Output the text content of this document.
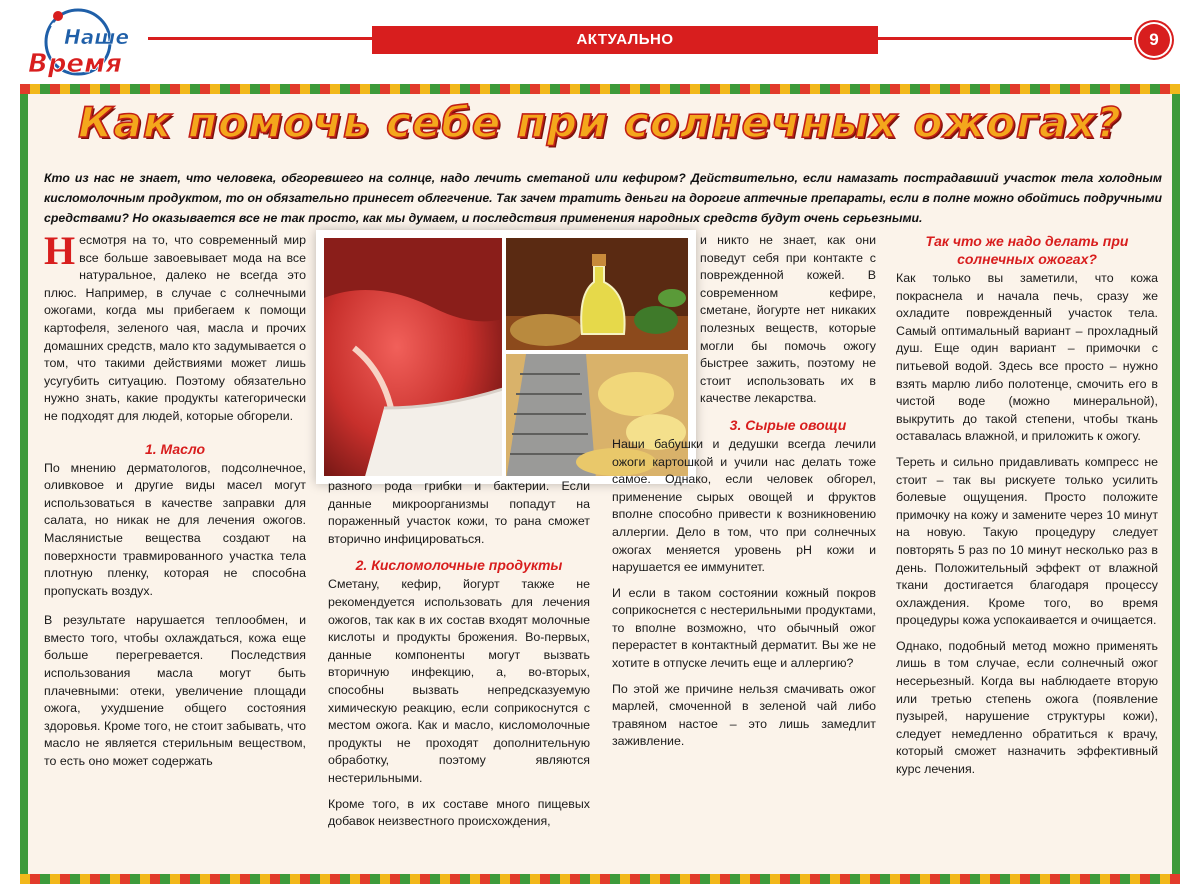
Наше
Время
АКТУАЛЬНО	9
Как помочь себе при солнечных ожогах?
Кто из нас не знает, что человека, обгоревшего на солнце, надо лечить сметаной или кефиром? Действительно, если намазать пострадавший участок тела холодным кисломолочным продуктом, то он обязательно принесет облегчение. Так зачем тратить деньги на дорогие аптечные препараты, если в полне можно обойтись подручными средствами? Но оказывается все не так просто, как мы думаем, и последствия применения народных средств будут очень серьезными.

Несмотря на то, что современный мир все больше завоевывает мода на все натуральное, далеко не всегда это плюс. Например, в случае с солнечными ожогами, когда мы прибегаем к помощи картофеля, зеленого чая, масла и прочих домашних средств, мало кто задумывается о том, что такими действиями может лишь усугубить ситуацию. Поэтому обязательно нужно знать, какие продукты категорически не подходят для людей, которые обгорели.

1. Масло

По мнению дерматологов, подсолнечное, оливковое и другие виды масел могут использоваться в качестве заправки для салата, но никак не для лечения ожогов. Маслянистые вещества создают на поверхности травмированного участка тела плотную пленку, которая не способна пропускать воздух.

В результате нарушается теплообмен, и вместо того, чтобы охлаждаться, кожа еще больше перегревается. Последствия использования масла могут быть плачевными: отеки, увеличение площади ожога, ухудшение общего состояния здоровья. Кроме того, не стоит забывать, что масло не является стерильным веществом, то есть оно может содержать

разного рода грибки и бактерии. Если данные микроорганизмы попадут на пораженный участок кожи, то рана сможет вторично инфицироваться.

2. Кисломолочные продукты

Сметану, кефир, йогурт также не рекомендуется использовать для лечения ожогов, так как в их состав входят молочные кислоты и продукты брожения. Во-первых, данные компоненты могут вызвать вторичную инфекцию, а, во-вторых, способны вызвать непредсказуемую химическую реакцию, если соприкоснутся с местом ожога. Как и масло, кисломолочные продукты не проходят дополнительную обработку, поэтому являются нестерильными.

Кроме того, в их составе много пищевых добавок неизвестного происхождения,

и никто не знает, как они поведут себя при контакте с поврежденной кожей. В современном кефире, сметане, йогурте нет никаких полезных веществ, которые могли бы помочь ожогу быстрее зажить, поэтому не стоит использовать их в качестве лекарства.

3. Сырые овощи

Наши бабушки и дедушки всегда лечили ожоги картошкой и учили нас делать тоже самое. Однако, если человек обгорел, применение сырых овощей и фруктов вполне способно привести к возникновению аллергии. Дело в том, что при солнечных ожогах меняется уровень pH кожи и нарушается ее иммунитет.

И если в таком состоянии кожный покров соприкоснется с нестерильными продуктами, то вполне возможно, что обычный ожог перерастет в контактный дерматит. Вы же не хотите в отпуске лечить еще и аллергию?

По этой же причине нельзя смачивать ожог марлей, смоченной в зеленой чай либо травяном настое – это лишь замедлит заживление.

Так что же надо делать при солнечных ожогах?

Как только вы заметили, что кожа покраснела и начала печь, сразу же охладите поврежденный участок тела. Самый оптимальный вариант – прохладный душ. Еще один вариант – примочки с питьевой водой. Здесь все просто – нужно взять марлю либо полотенце, смочить его в чистой воде (можно минеральной), выкрутить до такой степени, чтобы ткань оставалась влажной, и приложить к ожогу.

Тереть и сильно придавливать компресс не стоит – так вы рискуете только усилить болевые ощущения. Просто положите примочку на кожу и замените через 10 минут на новую. Такую процедуру следует повторять 5 раз по 10 минут несколько раз в день. Положительный эффект от влажной ткани достигается благодаря процессу охлаждения. Кроме того, во время процедуры кожа успокаивается и очищается.

Однако, подобный метод можно применять лишь в том случае, если солнечный ожог несерьезный. Когда вы наблюдаете вторую или третью степень ожога (появление пузырей, нарушение структуры кожи), следует немедленно обратиться к врачу, который сможет назначить эффективный курс лечения.
